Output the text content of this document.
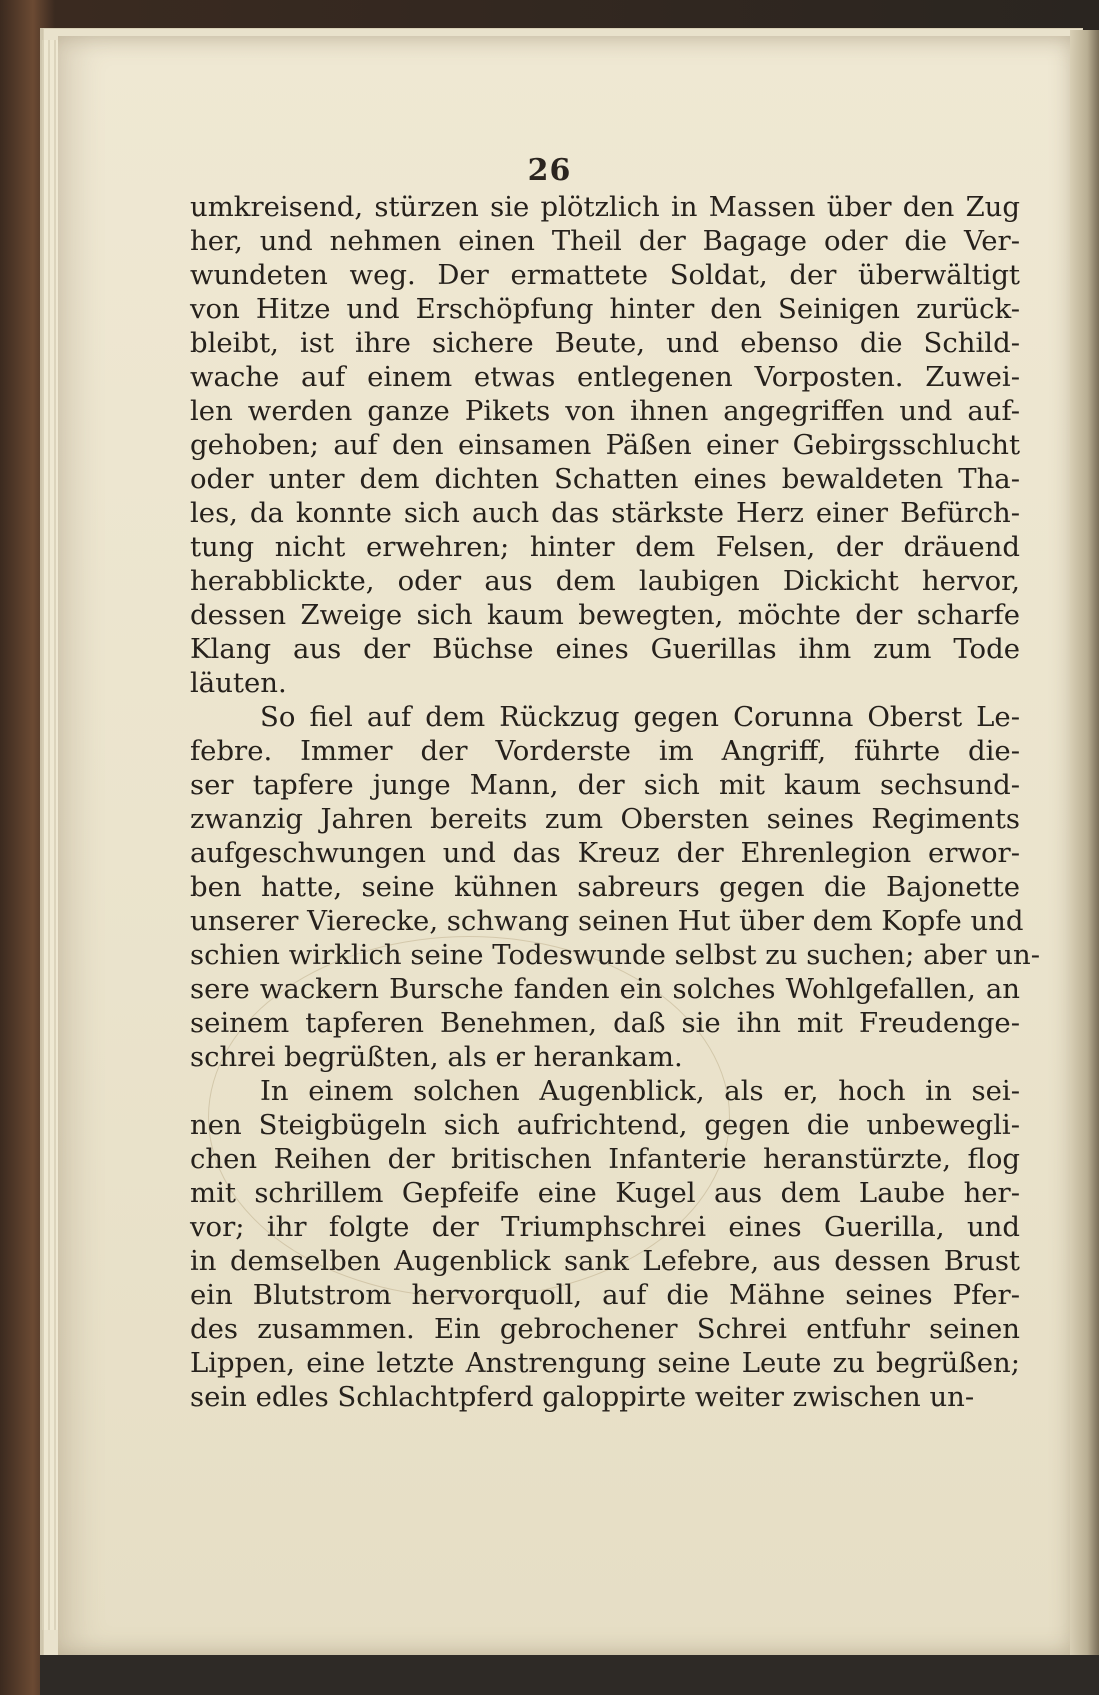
26
umkreisend, stürzen sie plötzlich in Massen über den Zug
her, und nehmen einen Theil der Bagage oder die Ver-
wundeten weg. Der ermattete Soldat, der überwältigt
von Hitze und Erschöpfung hinter den Seinigen zurück-
bleibt, ist ihre sichere Beute, und ebenso die Schild-
wache auf einem etwas entlegenen Vorposten. Zuwei-
len werden ganze Pikets von ihnen angegriffen und auf-
gehoben; auf den einsamen Päßen einer Gebirgsschlucht
oder unter dem dichten Schatten eines bewaldeten Tha-
les, da konnte sich auch das stärkste Herz einer Befürch-
tung nicht erwehren; hinter dem Felsen, der dräuend
herabblickte, oder aus dem laubigen Dickicht hervor,
dessen Zweige sich kaum bewegten, möchte der scharfe
Klang aus der Büchse eines Guerillas ihm zum Tode
läuten.
So fiel auf dem Rückzug gegen Corunna Oberst Le-
febre. Immer der Vorderste im Angriff, führte die-
ser tapfere junge Mann, der sich mit kaum sechsund-
zwanzig Jahren bereits zum Obersten seines Regiments
aufgeschwungen und das Kreuz der Ehrenlegion erwor-
ben hatte, seine kühnen sabreurs gegen die Bajonette
unserer Vierecke, schwang seinen Hut über dem Kopfe und
schien wirklich seine Todeswunde selbst zu suchen; aber un-
sere wackern Bursche fanden ein solches Wohlgefallen, an
seinem tapferen Benehmen, daß sie ihn mit Freudenge-
schrei begrüßten, als er herankam.
In einem solchen Augenblick, als er, hoch in sei-
nen Steigbügeln sich aufrichtend, gegen die unbewegli-
chen Reihen der britischen Infanterie heranstürzte, flog
mit schrillem Gepfeife eine Kugel aus dem Laube her-
vor; ihr folgte der Triumphschrei eines Guerilla, und
in demselben Augenblick sank Lefebre, aus dessen Brust
ein Blutstrom hervorquoll, auf die Mähne seines Pfer-
des zusammen. Ein gebrochener Schrei entfuhr seinen
Lippen, eine letzte Anstrengung seine Leute zu begrüßen;
sein edles Schlachtpferd galoppirte weiter zwischen un-
